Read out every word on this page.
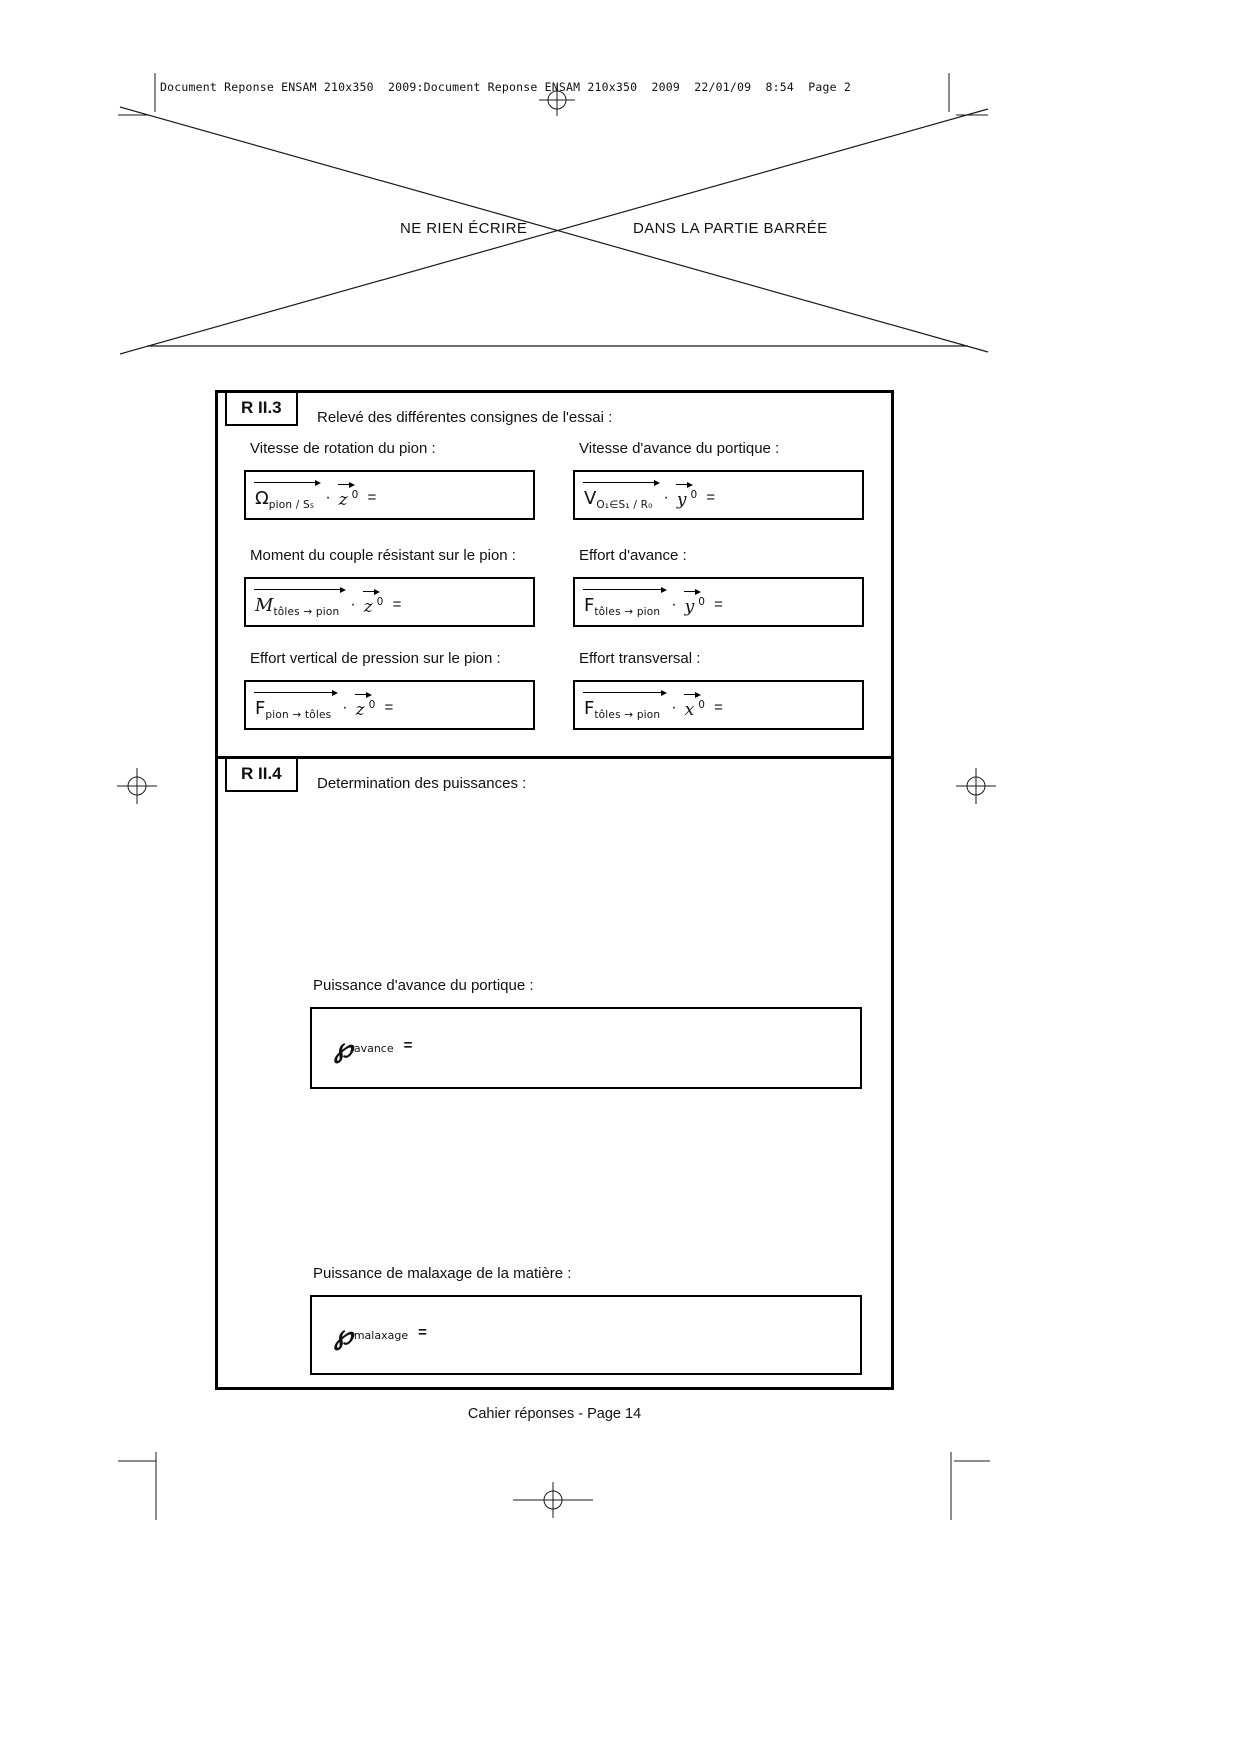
Document Reponse ENSAM 210x350  2009:Document Reponse ENSAM 210x350  2009  22/01/09  8:54  Page 2
NE RIEN ÉCRIRE	DANS LA PARTIE BARRÉE
R II.3
Relevé des différentes consignes de l'essai :
Vitesse de rotation du pion :
$\Omega_{pion / S_5} \cdot z$ 0 =
Vitesse d'avance du portique :
$V_{O_1\in S_1 / R_0} \cdot y$ 0 =
Moment du couple résistant sur le pion :
$M_{tôles \to pion} \cdot z$ 0 =
Effort d'avance :
$F_{tôles \to pion} \cdot y$ 0 =
Effort vertical de pression sur le pion :
$F_{pion \to tôles} \cdot z$ 0 =
Effort transversal :
$F_{tôles \to pion} \cdot x$ 0 =
R II.4
Determination des puissances :
Puissance d'avance du portique :
℘ avance =
Puissance de malaxage de la matière :
℘ malaxage =
Cahier réponses - Page 14
